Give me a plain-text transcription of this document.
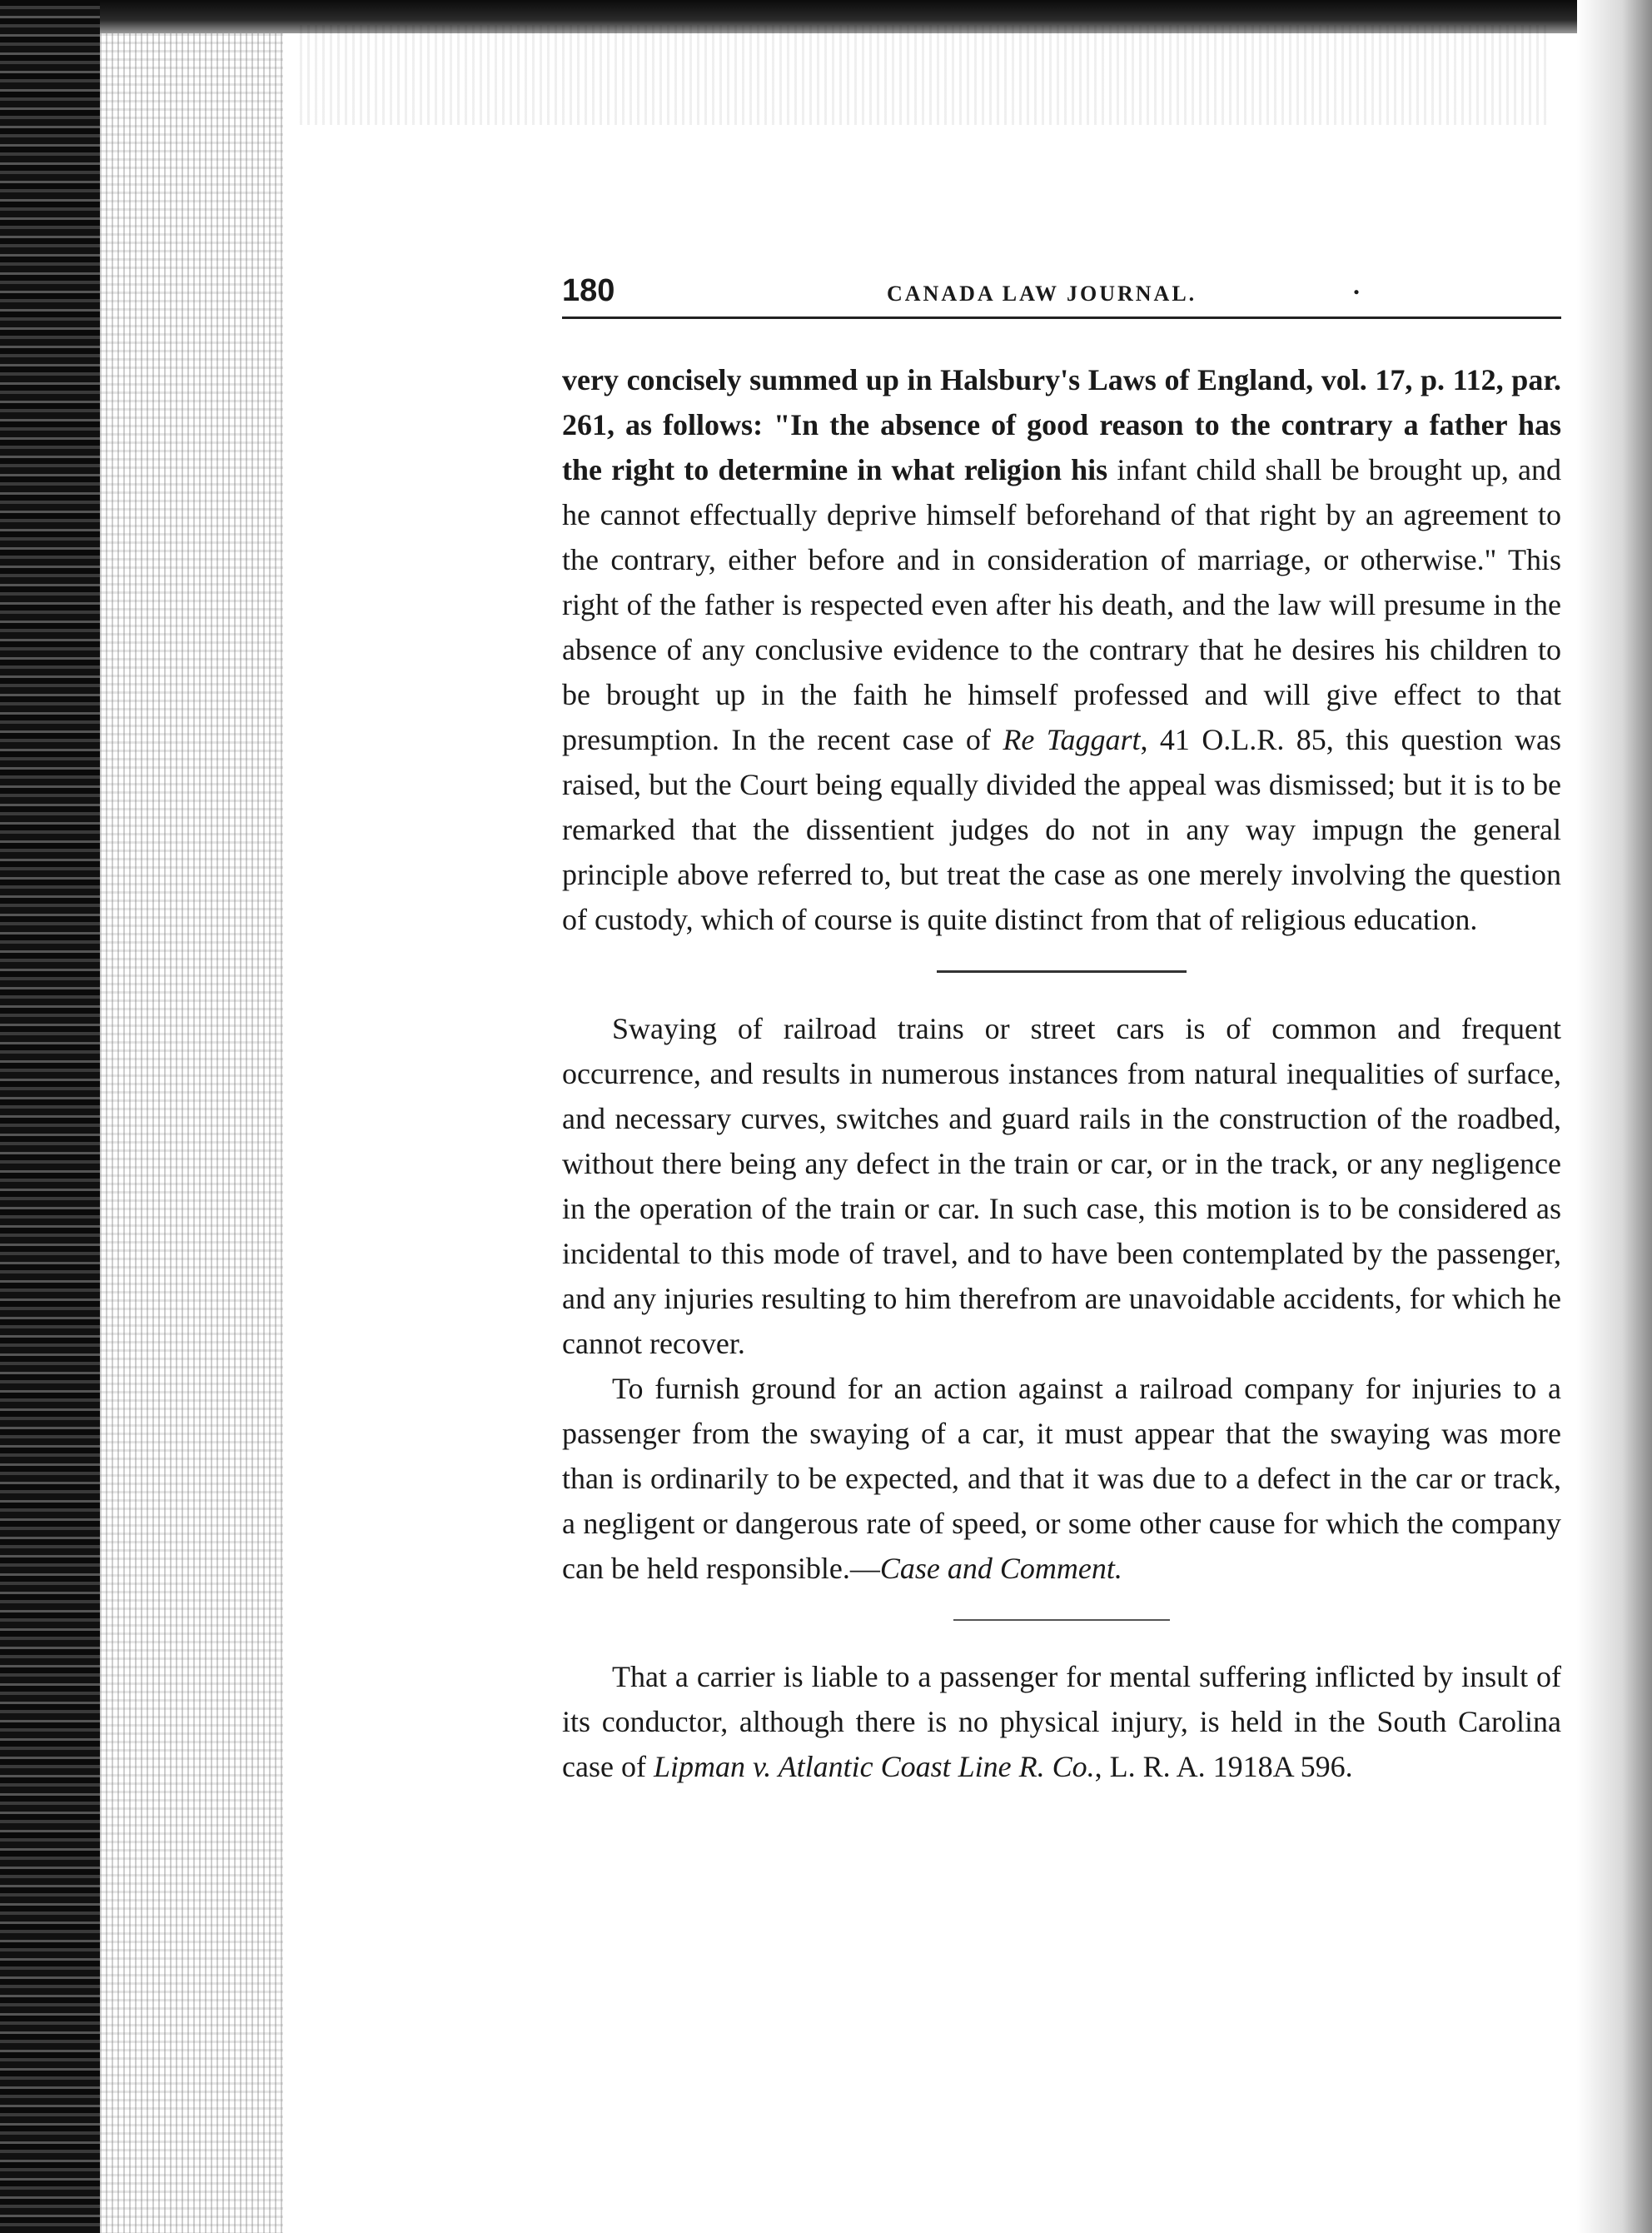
180	CANADA LAW JOURNAL.	.

very concisely summed up in Halsbury's Laws of England, vol. 17, p. 112, par. 261, as follows: "In the absence of good reason to the contrary a father has the right to determine in what religion his infant child shall be brought up, and he cannot effectually deprive himself beforehand of that right by an agreement to the contrary, either before and in consideration of marriage, or otherwise." This right of the father is respected even after his death, and the law will presume in the absence of any conclusive evidence to the contrary that he desires his children to be brought up in the faith he himself professed and will give effect to that presumption. In the recent case of Re Taggart, 41 O.L.R. 85, this question was raised, but the Court being equally divided the appeal was dismissed; but it is to be remarked that the dissentient judges do not in any way impugn the general principle above referred to, but treat the case as one merely involving the question of custody, which of course is quite distinct from that of religious education.

Swaying of railroad trains or street cars is of common and frequent occurrence, and results in numerous instances from natural inequalities of surface, and necessary curves, switches and guard rails in the construction of the roadbed, without there being any defect in the train or car, or in the track, or any negligence in the operation of the train or car. In such case, this motion is to be considered as incidental to this mode of travel, and to have been contemplated by the passenger, and any injuries resulting to him therefrom are unavoidable accidents, for which he cannot recover.

To furnish ground for an action against a railroad company for injuries to a passenger from the swaying of a car, it must appear that the swaying was more than is ordinarily to be expected, and that it was due to a defect in the car or track, a negligent or dangerous rate of speed, or some other cause for which the company can be held responsible.—Case and Comment.

That a carrier is liable to a passenger for mental suffering inflicted by insult of its conductor, although there is no physical injury, is held in the South Carolina case of Lipman v. Atlantic Coast Line R. Co., L. R. A. 1918A 596.
